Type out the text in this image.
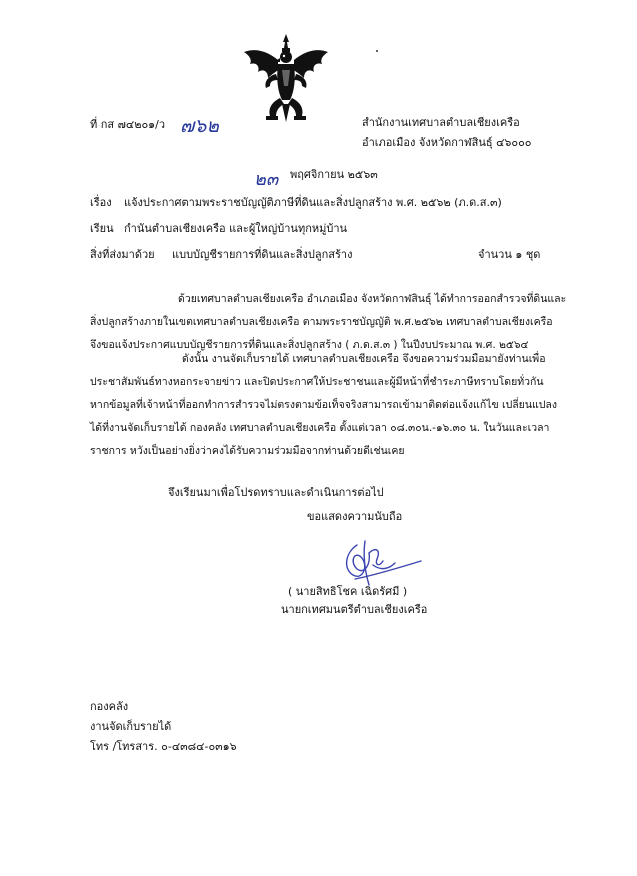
ที่ กส ๗๔๒๐๑/ว ๗๖๒	สำนักงานเทศบาลตำบลเชียงเครือ
อำเภอเมือง จังหวัดกาฬสินธุ์ ๔๖๐๐๐
๒๓ พฤศจิกายน ๒๕๖๓
เรื่อง แจ้งประกาศตามพระราชบัญญัติภาษีที่ดินและสิ่งปลูกสร้าง พ.ศ. ๒๕๖๒ (ภ.ด.ส.๓)
เรียน กำนันตำบลเชียงเครือ และผู้ใหญ่บ้านทุกหมู่บ้าน
สิ่งที่ส่งมาด้วย แบบบัญชีรายการที่ดินและสิ่งปลูกสร้าง	จำนวน ๑ ชุด
ด้วยเทศบาลตำบลเชียงเครือ อำเภอเมือง จังหวัดกาฬสินธุ์ ได้ทำการออกสำรวจที่ดินและ
สิ่งปลูกสร้างภายในเขตเทศบาลตำบลเชียงเครือ ตามพระราชบัญญัติ พ.ศ.๒๕๖๒ เทศบาลตำบลเชียงเครือ
จึงขอแจ้งประกาศแบบบัญชีรายการที่ดินและสิ่งปลูกสร้าง ( ภ.ด.ส.๓ ) ในปีงบประมาณ พ.ศ. ๒๕๖๔
ดังนั้น งานจัดเก็บรายได้ เทศบาลตำบลเชียงเครือ จึงขอความร่วมมือมายังท่านเพื่อ
ประชาสัมพันธ์ทางหอกระจายข่าว และปิดประกาศให้ประชาชนและผู้มีหน้าที่ชำระภาษีทราบโดยทั่วกัน
หากข้อมูลที่เจ้าหน้าที่ออกทำการสำรวจไม่ตรงตามข้อเท็จจริงสามารถเข้ามาติดต่อแจ้งแก้ไข เปลี่ยนแปลง
ได้ที่งานจัดเก็บรายได้ กองคลัง เทศบาลตำบลเชียงเครือ ตั้งแต่เวลา ๐๘.๓๐น.-๑๖.๓๐ น. ในวันและเวลา
ราชการ หวังเป็นอย่างยิ่งว่าคงได้รับความร่วมมือจากท่านด้วยดีเช่นเคย
จึงเรียนมาเพื่อโปรดทราบและดำเนินการต่อไป
ขอแสดงความนับถือ
( นายสิทธิโชค เฉิดรัศมี )
นายกเทศมนตรีตำบลเชียงเครือ
กองคลัง
งานจัดเก็บรายได้
โทร /โทรสาร. ๐-๔๓๘๔-๐๓๑๖
